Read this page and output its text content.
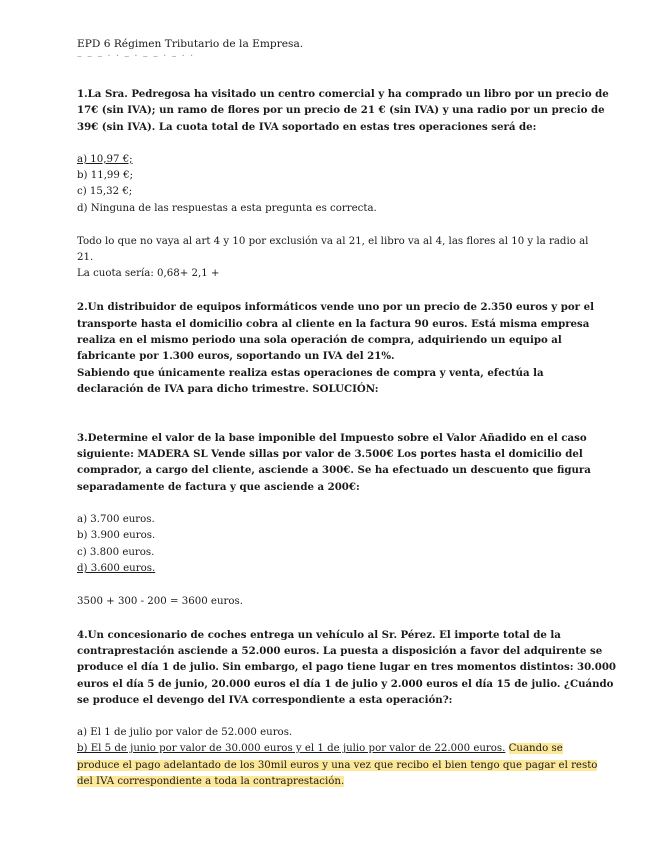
EPD 6 Régimen Tributario de la Empresa.
– – – · · – · – – · – · ·
1.La Sra. Pedregosa ha visitado un centro comercial y ha comprado un libro por un precio de
17€ (sin IVA); un ramo de flores por un precio de 21 € (sin IVA) y una radio por un precio de
39€ (sin IVA). La cuota total de IVA soportado en estas tres operaciones será de:
a) 10,97 €;
b) 11,99 €;
c) 15,32 €;
d) Ninguna de las respuestas a esta pregunta es correcta.
Todo lo que no vaya al art 4 y 10 por exclusión va al 21, el libro va al 4, las flores al 10 y la radio al
21.
La cuota sería: 0,68+ 2,1 +
2.Un distribuidor de equipos informáticos vende uno por un precio de 2.350 euros y por el
transporte hasta el domicilio cobra al cliente en la factura 90 euros. Está misma empresa
realiza en el mismo periodo una sola operación de compra, adquiriendo un equipo al
fabricante por 1.300 euros, soportando un IVA del 21%.
Sabiendo que únicamente realiza estas operaciones de compra y venta, efectúa la
declaración de IVA para dicho trimestre. SOLUCIÓN:
3.Determine el valor de la base imponible del Impuesto sobre el Valor Añadido en el caso
siguiente: MADERA SL Vende sillas por valor de 3.500€ Los portes hasta el domicilio del
comprador, a cargo del cliente, asciende a 300€. Se ha efectuado un descuento que figura
separadamente de factura y que asciende a 200€:
a) 3.700 euros.
b) 3.900 euros.
c) 3.800 euros.
d) 3.600 euros.
3500 + 300 - 200 = 3600 euros.
4.Un concesionario de coches entrega un vehículo al Sr. Pérez. El importe total de la
contraprestación asciende a 52.000 euros. La puesta a disposición a favor del adquirente se
produce el día 1 de julio. Sin embargo, el pago tiene lugar en tres momentos distintos: 30.000
euros el día 5 de junio, 20.000 euros el día 1 de julio y 2.000 euros el día 15 de julio. ¿Cuándo
se produce el devengo del IVA correspondiente a esta operación?:
a) El 1 de julio por valor de 52.000 euros.
b) El 5 de junio por valor de 30.000 euros y el 1 de julio por valor de 22.000 euros. Cuando se
produce el pago adelantado de los 30mil euros y una vez que recibo el bien tengo que pagar el resto
del IVA correspondiente a toda la contraprestación.
